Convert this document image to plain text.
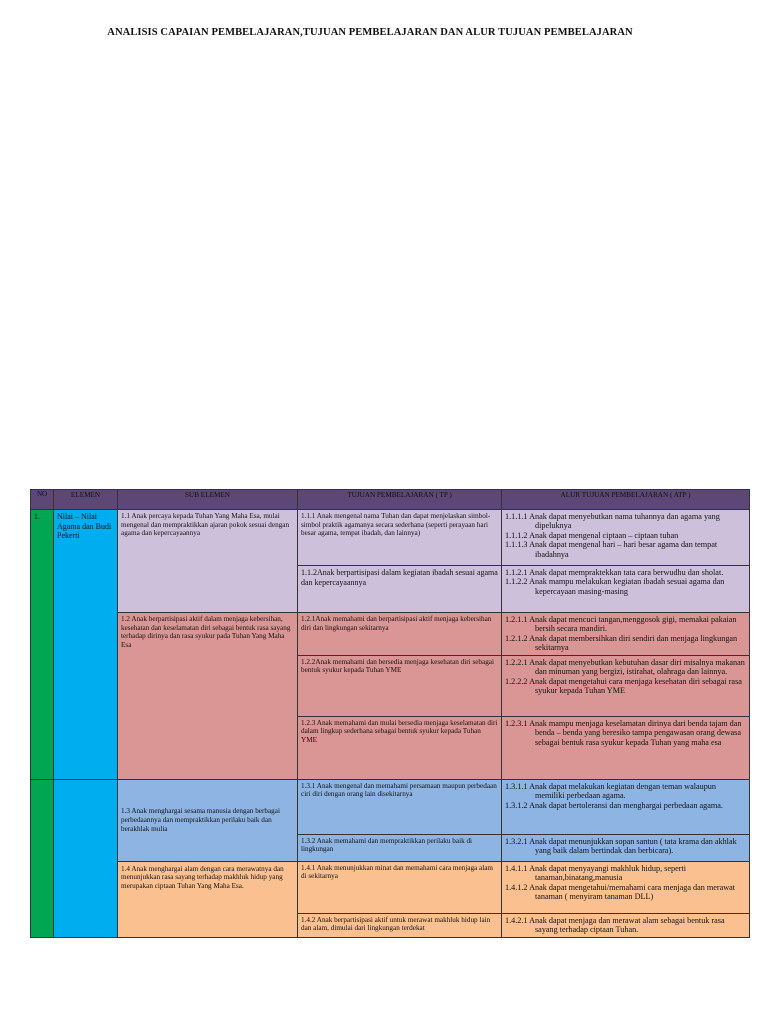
ANALISIS CAPAIAN PEMBELAJARAN,TUJUAN PEMBELAJARAN DAN ALUR TUJUAN PEMBELAJARAN
NO	ELEMEN	SUB ELEMEN	TUJUAN PEMBELAJARAN ( TP )	ALUR TUJUAN PEMBELAJARAN ( ATP )
1.	Nilai – Nilai Agama dan Budi Pekerti	1.1 Anak percaya kepada Tuhan Yang Maha Esa, mulai mengenal dan mempraktikkan ajaran pokok sesuai dengan agama dan kepercayaannya	1.1.1 Anak mengenal nama Tuhan dan dapat menjelaskan simbol-simbol praktik agamanya secara sederhana (seperti perayaan hari besar agama, tempat ibadah, dan lainnya)	1.1.1.1 Anak dapat menyebutkan nama tuhannya dan agama yang dipeluknya
1.1.1.2 Anak dapat mengenal ciptaan – ciptaan tuhan
1.1.1.3 Anak dapat mengenal hari – hari besar agama dan tempat ibadahnya

			1.1.2Anak berpartisipasi dalam kegiatan ibadah sesuai agama dan kepercayaannya	1.1.2.1 Anak dapat mempraktekkan tata cara berwudhu dan sholat.
1.1.2.2 Anak mampu melakukan kegiatan ibadah sesuai agama dan kepercayaan masing-masing

		1.2 Anak berpartisipasi aktif dalam menjaga kebersihan, kesehatan dan keselamatan diri sebagai bentuk rasa sayang terhadap dirinya dan rasa syukur pada Tuhan Yang Maha Esa	1.2.1Anak memahami dan berpartisipasi aktif menjaga kebersihan diri dan lingkungan sekitarnya	1.2.1.1 Anak dapat mencuci tangan,menggosok gigi, memakai pakaian bersih secara mandiri.
1.2.1.2 Anak dapat membersihkan diri sendiri dan menjaga lingkungan sekitarnya

			1.2.2Anak memahami dan bersedia menjaga kesehatan diri sebagai bentuk syukur kepada Tuhan YME	1.2.2.1 Anak dapat menyebutkan kebutuhan dasar diri misalnya makanan dan minuman yang bergizi, istirahat, olahraga dan lainnya.
1.2.2.2 Anak dapat mengetahui cara menjaga kesehatan diri sebagai rasa syukur kepada Tuhan YME

			1.2.3 Anak memahami dan mulai bersedia menjaga keselamatan diri dalam lingkup sederhana sebagai bentuk syukur kepada Tuhan YME	1.2.3.1 Anak mampu menjaga keselamatan dirinya dari benda tajam dan benda – benda yang beresiko tampa pengawasan orang dewasa sebagai bentuk rasa syukur kepada Tuhan yang maha esa

		1.3 Anak menghargai sesama manusia dengan berbagai perbedaannya dan mempraktikkan perilaku baik dan berakhlak mulia	1.3.1 Anak mengenal dan memahami persamaan maupun perbedaan ciri diri dengan orang lain disekitarnya	1.3.1.1 Anak dapat melakukan kegiatan dengan teman walaupun memiliki perbedaan agama.
1.3.1.2 Anak dapat bertoleransi dan menghargai perbedaan agama.

			1.3.2 Anak memahami dan mempraktikkan perilaku baik di lingkungan	1.3.2.1 Anak dapat menunjukkan sopan santun ( tata krama dan akhlak yang baik dalam bertindak dan berbicara).

		1.4 Anak menghargai alam dengan cara merawatnya dan menunjukkan rasa sayang terhadap makhluk hidup yang merupakan ciptaan Tuhan Yang Maha Esa.	1.4.1 Anak menunjukkan minat dan memahami cara menjaga alam di sekitarnya	1.4.1.1 Anak dapat menyayangi makhluk hidup, seperti tanaman,binatang,manusia
1.4.1.2 Anak dapat mengetahui/memahami cara menjaga dan merawat tanaman ( menyiram tanaman DLL)

			1.4.2 Anak berpartisipasi aktif untuk merawat makhluk hidup lain dan alam, dimulai dari lingkungan terdekat	1.4.2.1 Anak dapat menjaga dan merawat alam sebagai bentuk rasa sayang terhadap ciptaan Tuhan.
